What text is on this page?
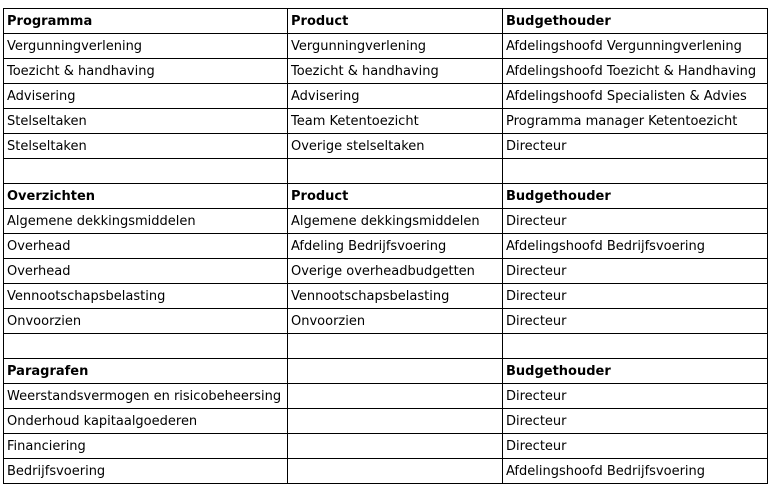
Programma	Product	Budgethouder
Vergunningverlening	Vergunningverlening	Afdelingshoofd Vergunningverlening
Toezicht & handhaving	Toezicht & handhaving	Afdelingshoofd Toezicht & Handhaving
Advisering	Advisering	Afdelingshoofd Specialisten & Advies
Stelseltaken	Team Ketentoezicht	Programma manager Ketentoezicht
Stelseltaken	Overige stelseltaken	Directeur

Overzichten	Product	Budgethouder
Algemene dekkingsmiddelen	Algemene dekkingsmiddelen	Directeur
Overhead	Afdeling Bedrijfsvoering	Afdelingshoofd Bedrijfsvoering
Overhead	Overige overheadbudgetten	Directeur
Vennootschapsbelasting	Vennootschapsbelasting	Directeur
Onvoorzien	Onvoorzien	Directeur

Paragrafen		Budgethouder
Weerstandsvermogen en risicobeheersing		Directeur
Onderhoud kapitaalgoederen		Directeur
Financiering		Directeur
Bedrijfsvoering		Afdelingshoofd Bedrijfsvoering
